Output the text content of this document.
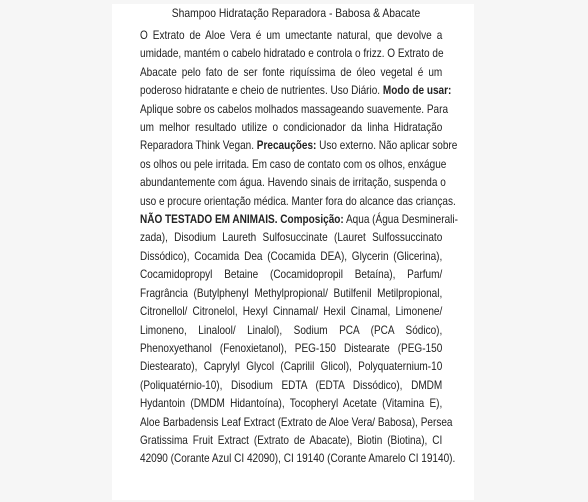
Shampoo Hidratação Reparadora - Babosa & Abacate
O Extrato de Aloe Vera é um umectante natural, que devolve a
umidade, mantém o cabelo hidratado e controla o frizz. O Extrato de
Abacate pelo fato de ser fonte riquíssima de óleo vegetal é um
poderoso hidratante e cheio de nutrientes. Uso Diário. Modo de usar:
Aplique sobre os cabelos molhados massageando suavemente. Para
um melhor resultado utilize o condicionador da linha Hidratação
Reparadora Think Vegan. Precauções: Uso externo. Não aplicar sobre
os olhos ou pele irritada. Em caso de contato com os olhos, enxágue
abundantemente com água. Havendo sinais de irritação, suspenda o
uso e procure orientação médica. Manter fora do alcance das crianças.
NÃO TESTADO EM ANIMAIS. Composição: Aqua (Água Desminerali-
zada), Disodium Laureth Sulfosuccinate (Lauret Sulfossuccinato
Dissódico), Cocamida Dea (Cocamida DEA), Glycerin (Glicerina),
Cocamidopropyl Betaine (Cocamidopropil Betaína), Parfum/
Fragrância (Butylphenyl Methylpropional/ Butilfenil Metilpropional,
Citronellol/ Citronelol, Hexyl Cinnamal/ Hexil Cinamal, Limonene/
Limoneno, Linalool/ Linalol), Sodium PCA (PCA Sódico),
Phenoxyethanol (Fenoxietanol), PEG-150 Distearate (PEG-150
Diestearato), Caprylyl Glycol (Caprilil Glicol), Polyquaternium-10
(Poliquatérnio-10), Disodium EDTA (EDTA Dissódico), DMDM
Hydantoin (DMDM Hidantoína), Tocopheryl Acetate (Vitamina E),
Aloe Barbadensis Leaf Extract (Extrato de Aloe Vera/ Babosa), Persea
Gratissima Fruit Extract (Extrato de Abacate), Biotin (Biotina), CI
42090 (Corante Azul CI 42090), CI 19140 (Corante Amarelo CI 19140).
